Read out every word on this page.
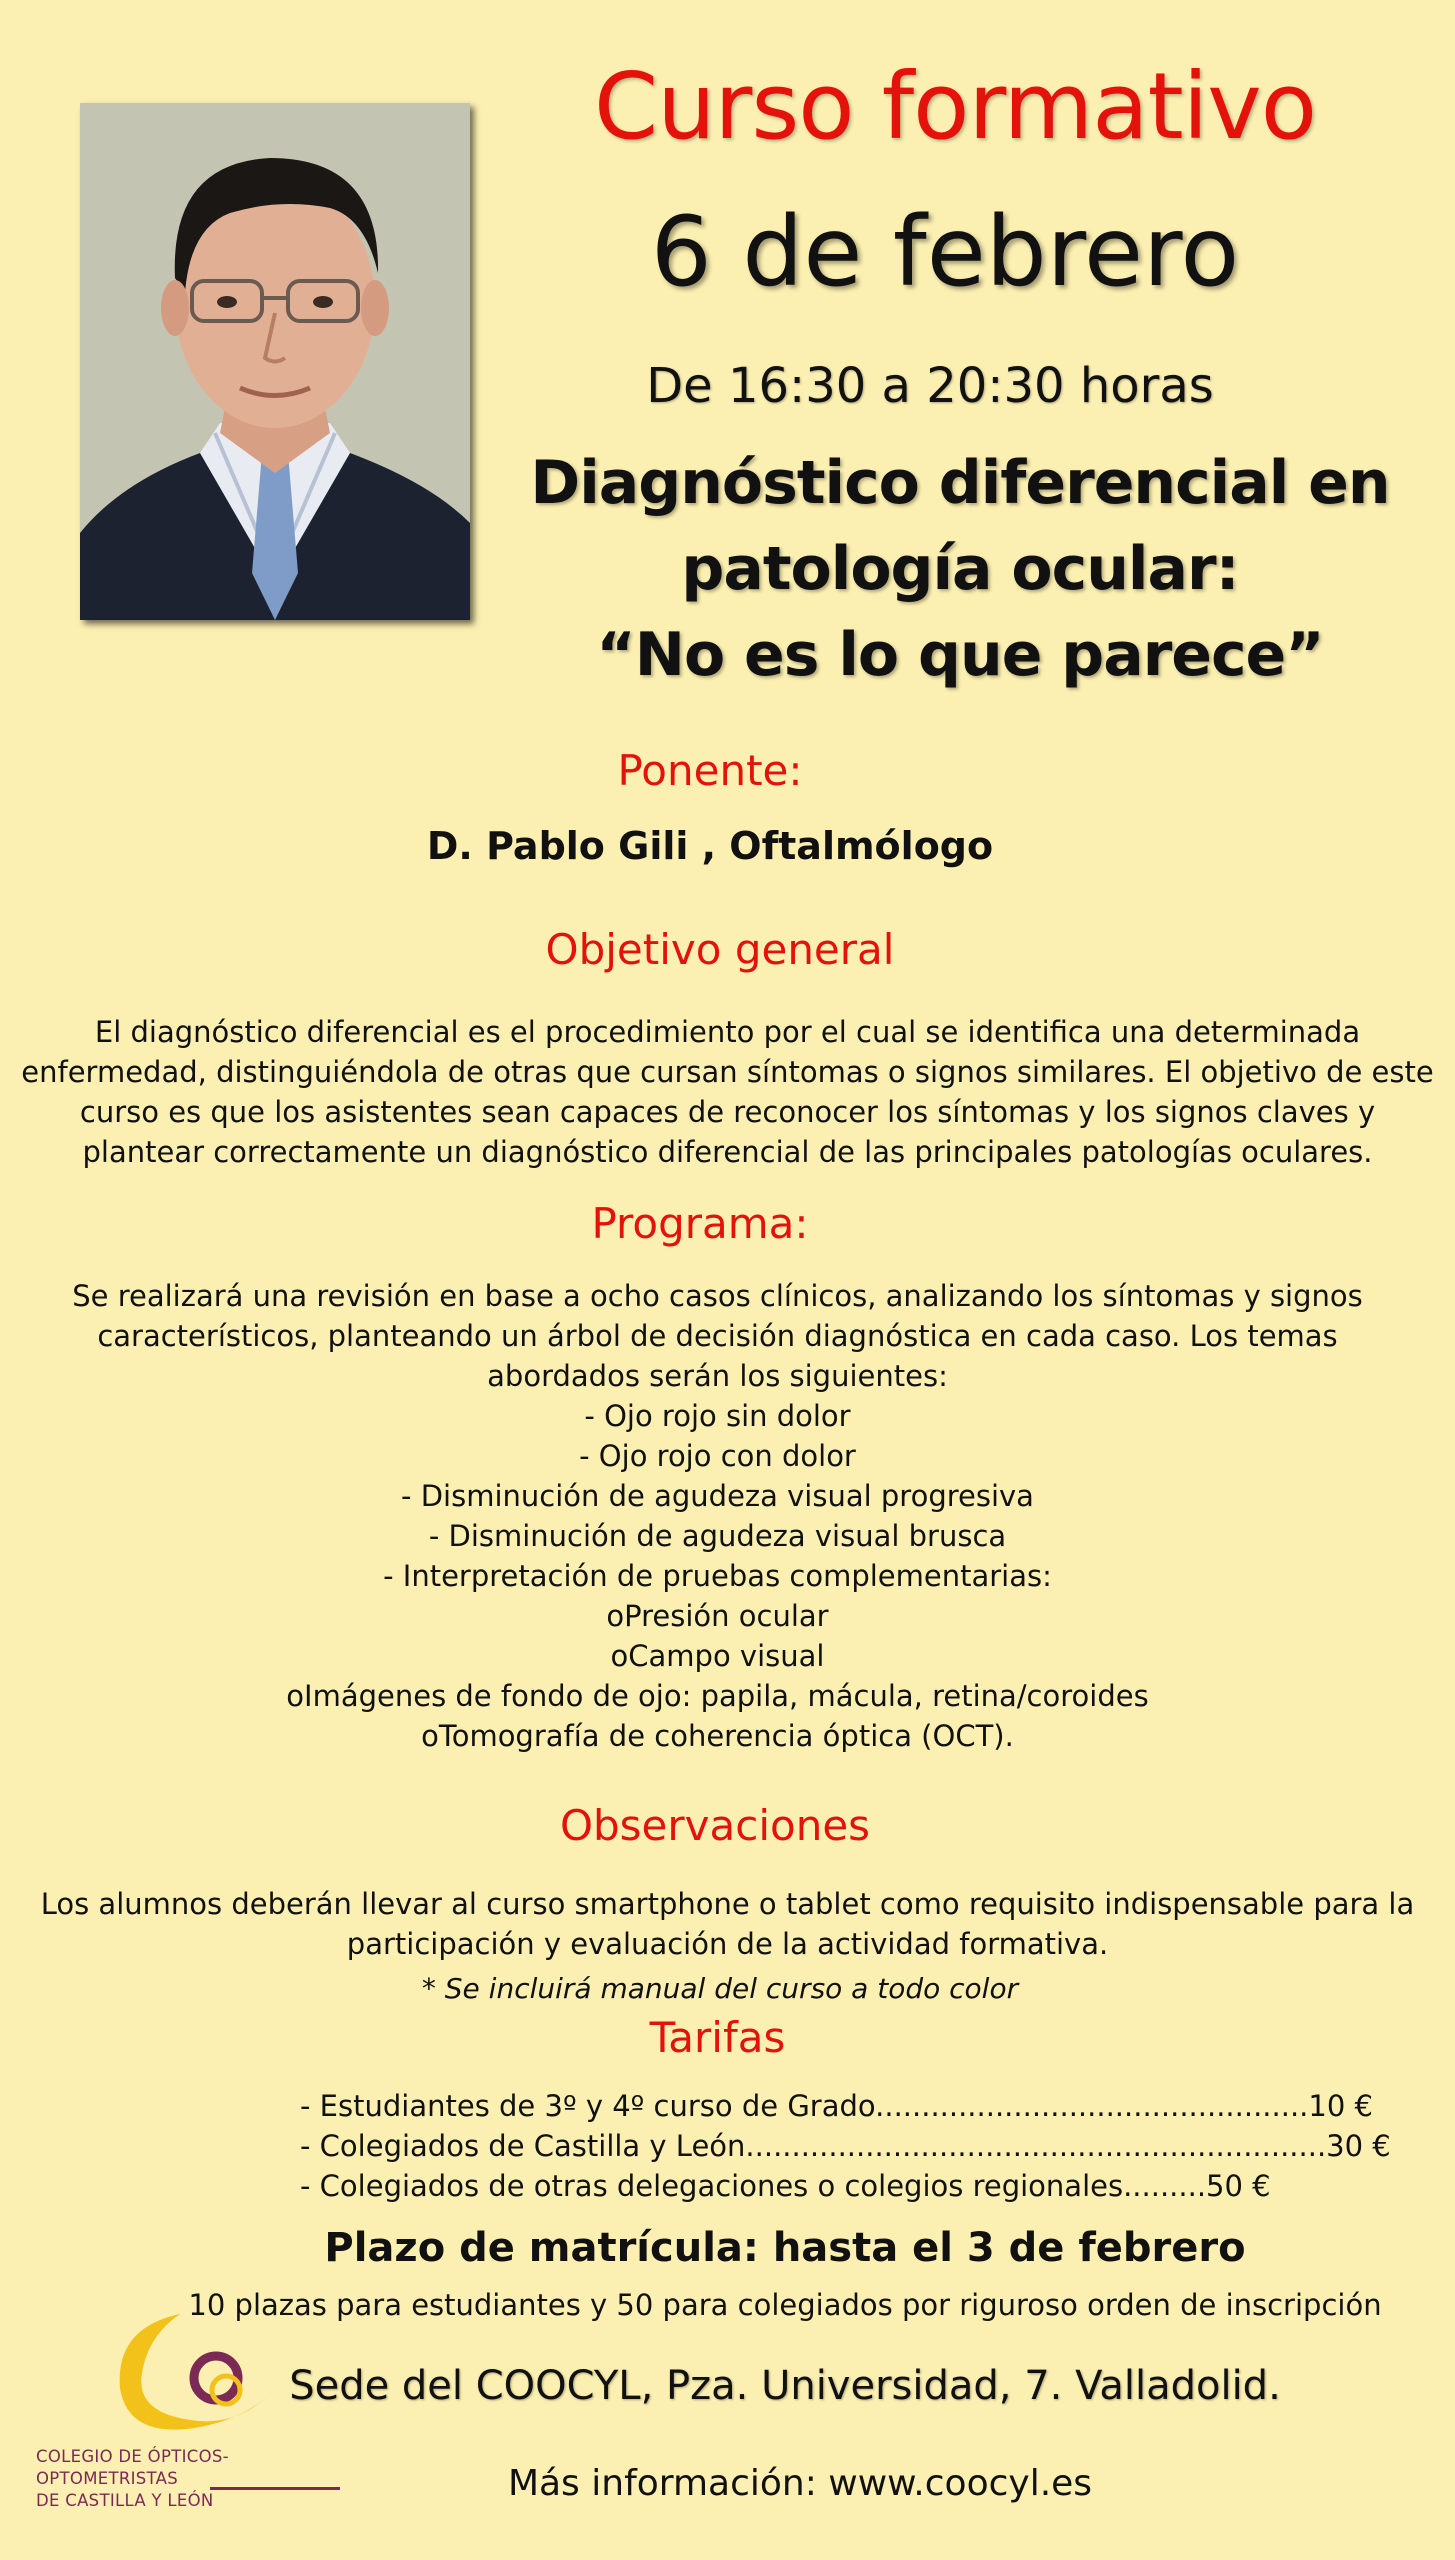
Curso formativo
6 de febrero
De 16:30 a 20:30 horas
Diagnóstico diferencial en
patología ocular:
“No es lo que parece”
Ponente:
D. Pablo Gili , Oftalmólogo
Objetivo general
El diagnóstico diferencial es el procedimiento por el cual se identifica una determinada enfermedad, distinguiéndola de otras que cursan síntomas o signos similares. El objetivo de este curso es que los asistentes sean capaces de reconocer los síntomas y los signos claves y plantear correctamente un diagnóstico diferencial de las principales patologías oculares.
Programa:
Se realizará una revisión en base a ocho casos clínicos, analizando los síntomas y signos característicos, planteando un árbol de decisión diagnóstica en cada caso. Los temas abordados serán los siguientes:
- Ojo rojo sin dolor
- Ojo rojo con dolor
- Disminución de agudeza visual progresiva
- Disminución de agudeza visual brusca
- Interpretación de pruebas complementarias:
oPresión ocular
oCampo visual
oImágenes de fondo de ojo: papila, mácula, retina/coroides
oTomografía de coherencia óptica (OCT).
Observaciones
Los alumnos deberán llevar al curso smartphone o tablet como requisito indispensable para la participación y evaluación de la actividad formativa.
* Se incluirá manual del curso a todo color
Tarifas
- Estudiantes de 3º y 4º curso de Grado...............................................10 €
- Colegiados de Castilla y León...............................................................30 €
- Colegiados de otras delegaciones o colegios regionales.........50 €
Plazo de matrícula: hasta el 3 de febrero
10 plazas para estudiantes y 50 para colegiados por riguroso orden de inscripción
Sede del COOCYL, Pza. Universidad, 7. Valladolid.
Más información: www.coocyl.es
COLEGIO DE ÓPTICOS-OPTOMETRISTAS
DE CASTILLA Y LEÓN
